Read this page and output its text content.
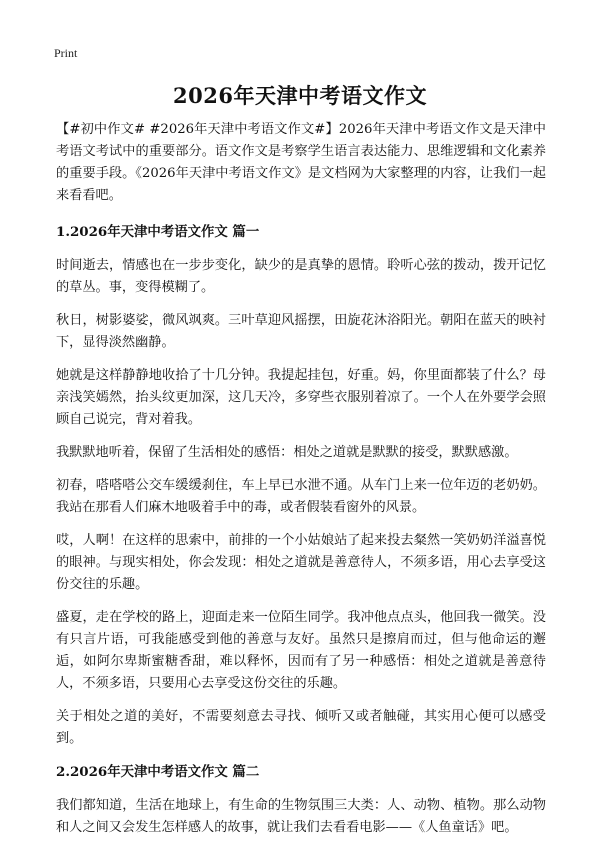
Print
2026年天津中考语文作文

【#初中作文# #2026年天津中考语文作文#】2026年天津中考语文作文是天津中考语文考试中的重要部分。语文作文是考察学生语言表达能力、思维逻辑和文化素养的重要手段。《2026年天津中考语文作文》是文档网为大家整理的内容，让我们一起来看看吧。

1.2026年天津中考语文作文 篇一

时间逝去，情感也在一步步变化，缺少的是真挚的恩情。聆听心弦的拨动，拨开记忆的草丛。事，变得模糊了。

秋日，树影婆娑，微风飒爽。三叶草迎风摇摆，田旋花沐浴阳光。朝阳在蓝天的映衬下，显得淡然幽静。

她就是这样静静地收拾了十几分钟。我提起挂包，好重。妈，你里面都装了什么？母亲浅笑嫣然，抬头纹更加深，这几天冷，多穿些衣服别着凉了。一个人在外要学会照顾自己说完，背对着我。

我默默地听着，保留了生活相处的感悟：相处之道就是默默的接受，默默感激。

初春，嗒嗒嗒公交车缓缓刹住，车上早已水泄不通。从车门上来一位年迈的老奶奶。我站在那看人们麻木地吸着手中的毒，或者假装看窗外的风景。

哎，人啊！在这样的思索中，前排的一个小姑娘站了起来投去粲然一笑奶奶洋溢喜悦的眼神。与现实相处，你会发现：相处之道就是善意待人，不须多语，用心去享受这份交往的乐趣。

盛夏，走在学校的路上，迎面走来一位陌生同学。我冲他点点头，他回我一微笑。没有只言片语，可我能感受到他的善意与友好。虽然只是擦肩而过，但与他命运的邂逅，如阿尔卑斯蜜糖香甜，难以释怀，因而有了另一种感悟：相处之道就是善意待人，不须多语，只要用心去享受这份交往的乐趣。

关于相处之道的美好，不需要刻意去寻找、倾听又或者触碰，其实用心便可以感受到。

2.2026年天津中考语文作文 篇二

我们都知道，生活在地球上，有生命的生物氛围三大类：人、动物、植物。那么动物和人之间又会发生怎样感人的故事，就让我们去看看电影——《人鱼童话》吧。
